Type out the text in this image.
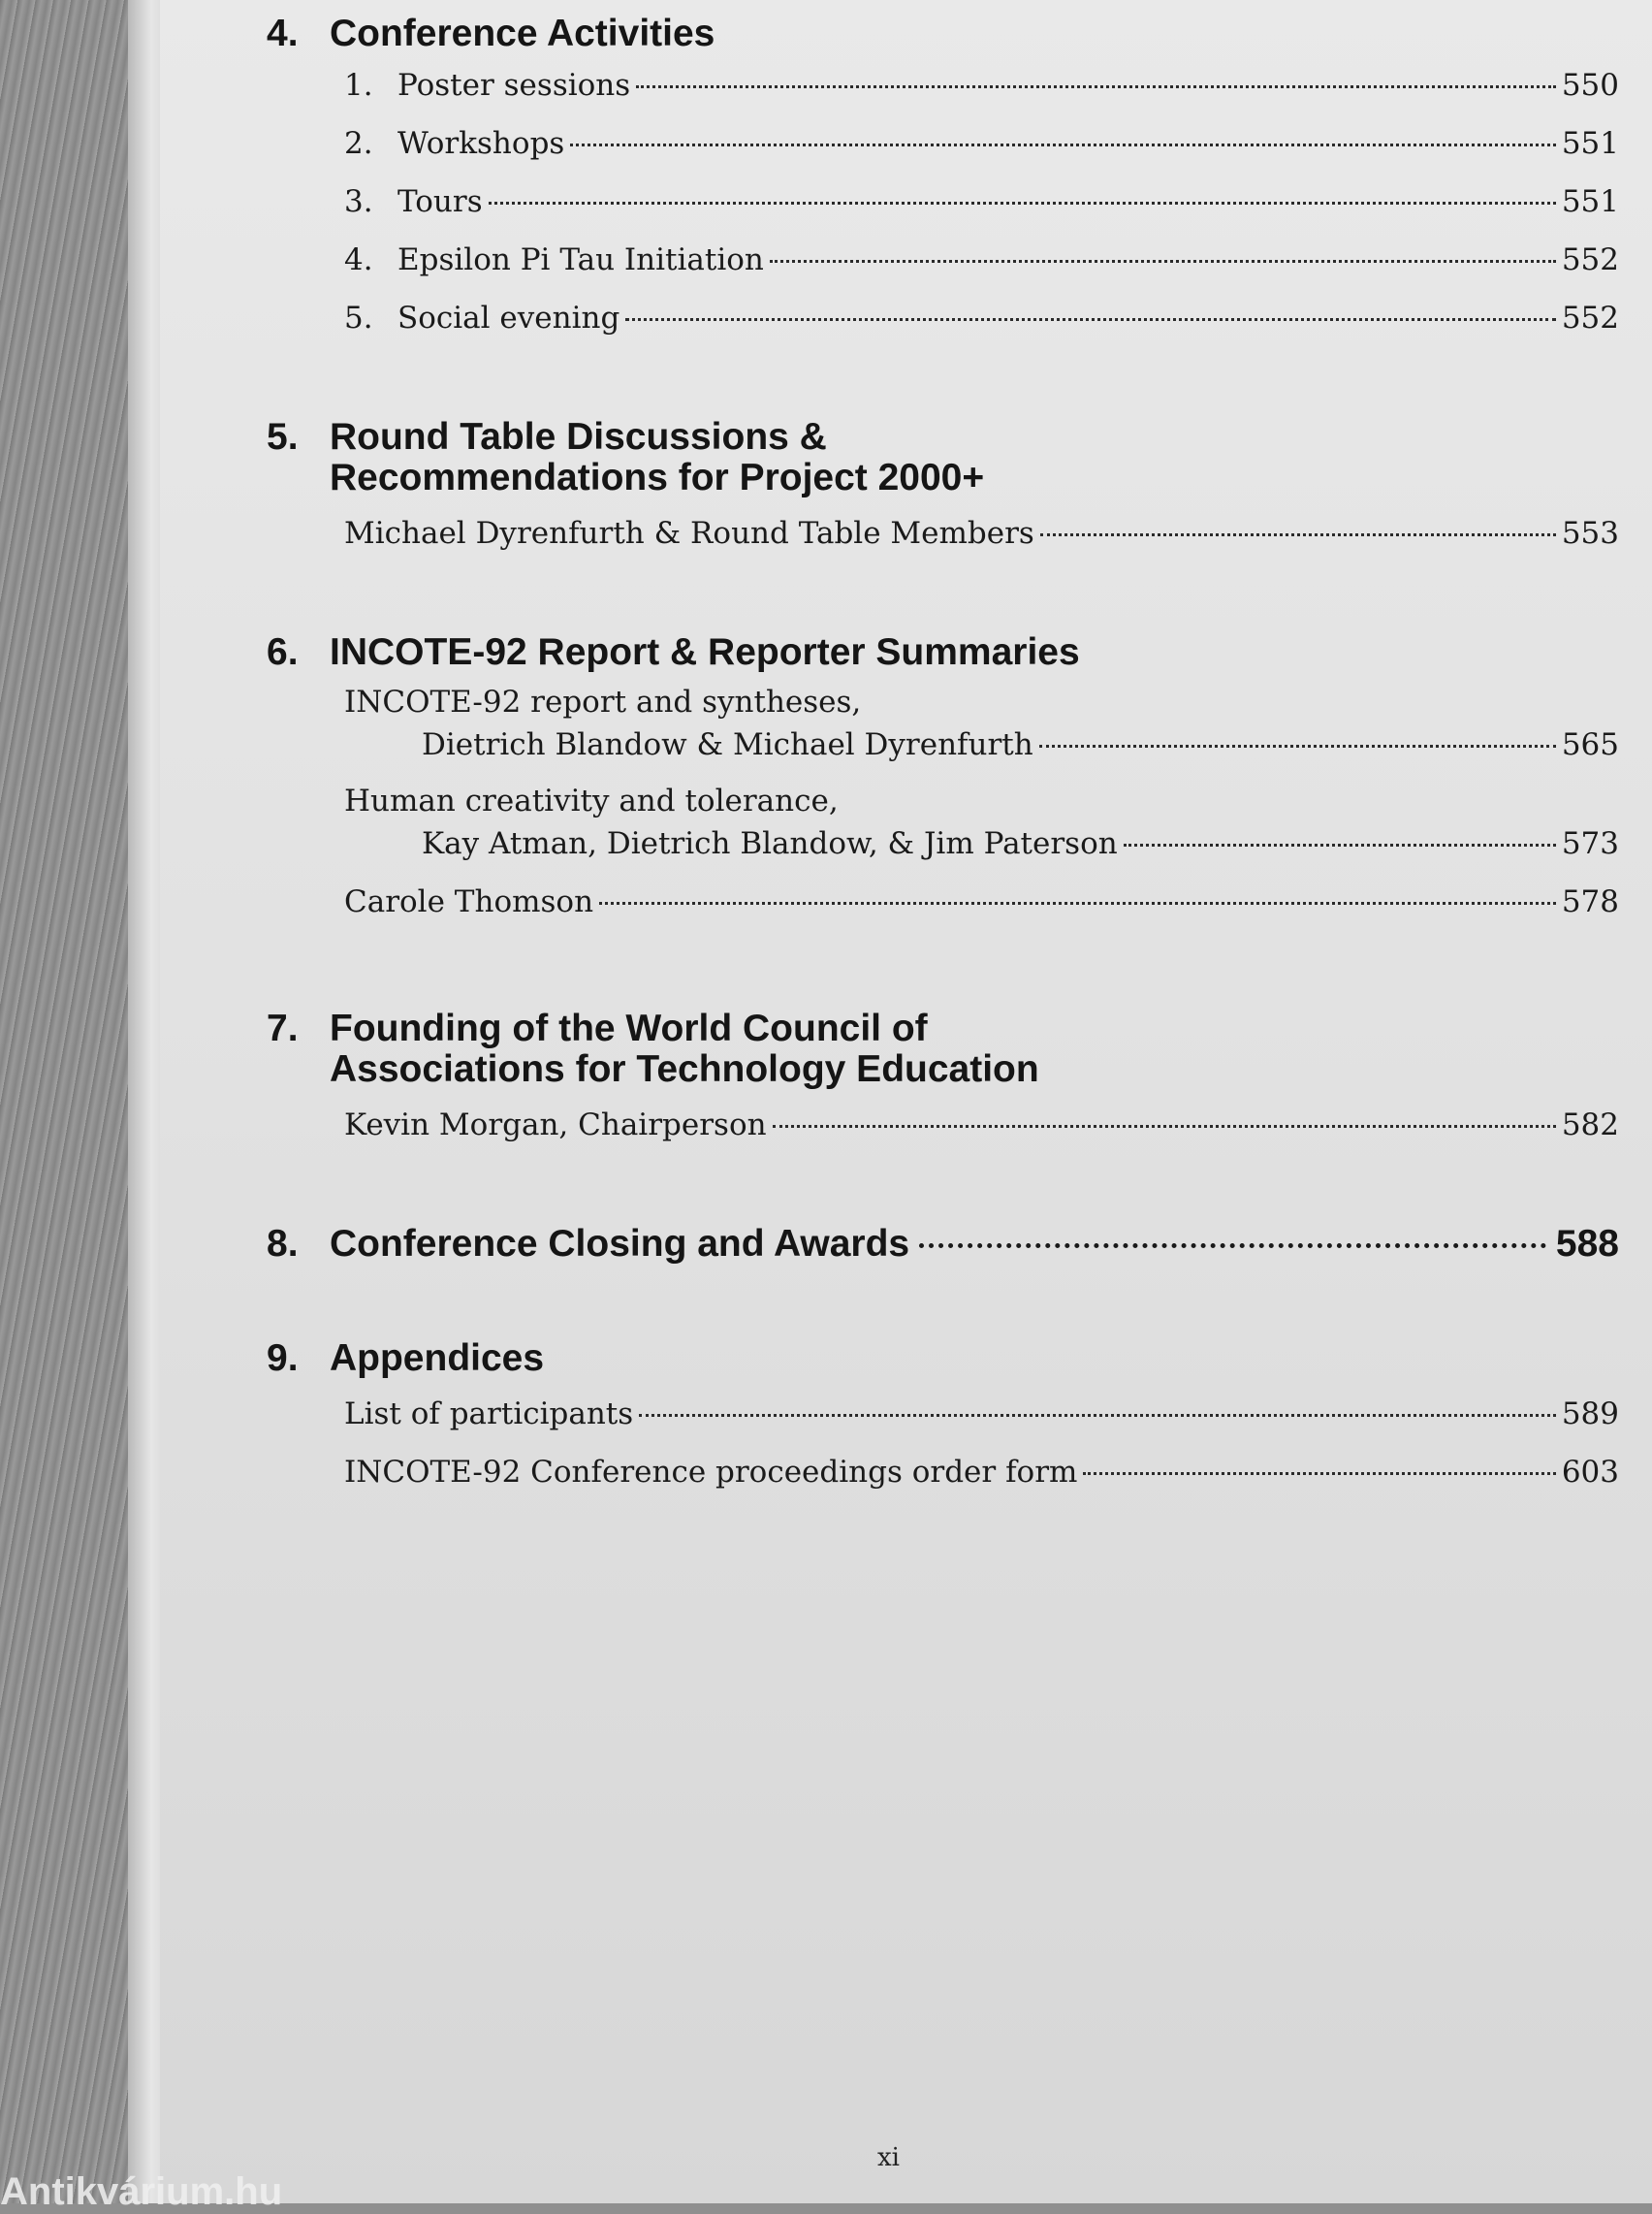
4. Conference Activities
1. Poster sessions	550
2. Workshops	551
3. Tours	551
4. Epsilon Pi Tau Initiation	552
5. Social evening	552
5. Round Table Discussions &
Recommendations for Project 2000+
Michael Dyrenfurth & Round Table Members	553
6. INCOTE-92 Report & Reporter Summaries
INCOTE-92 report and syntheses,
Dietrich Blandow & Michael Dyrenfurth	565
Human creativity and tolerance,
Kay Atman, Dietrich Blandow, & Jim Paterson	573
Carole Thomson	578
7. Founding of the World Council of
Associations for Technology Education
Kevin Morgan, Chairperson	582
8. Conference Closing and Awards	588
9. Appendices
List of participants	589
INCOTE-92 Conference proceedings order form	603
xi
Antikvárium.hu
